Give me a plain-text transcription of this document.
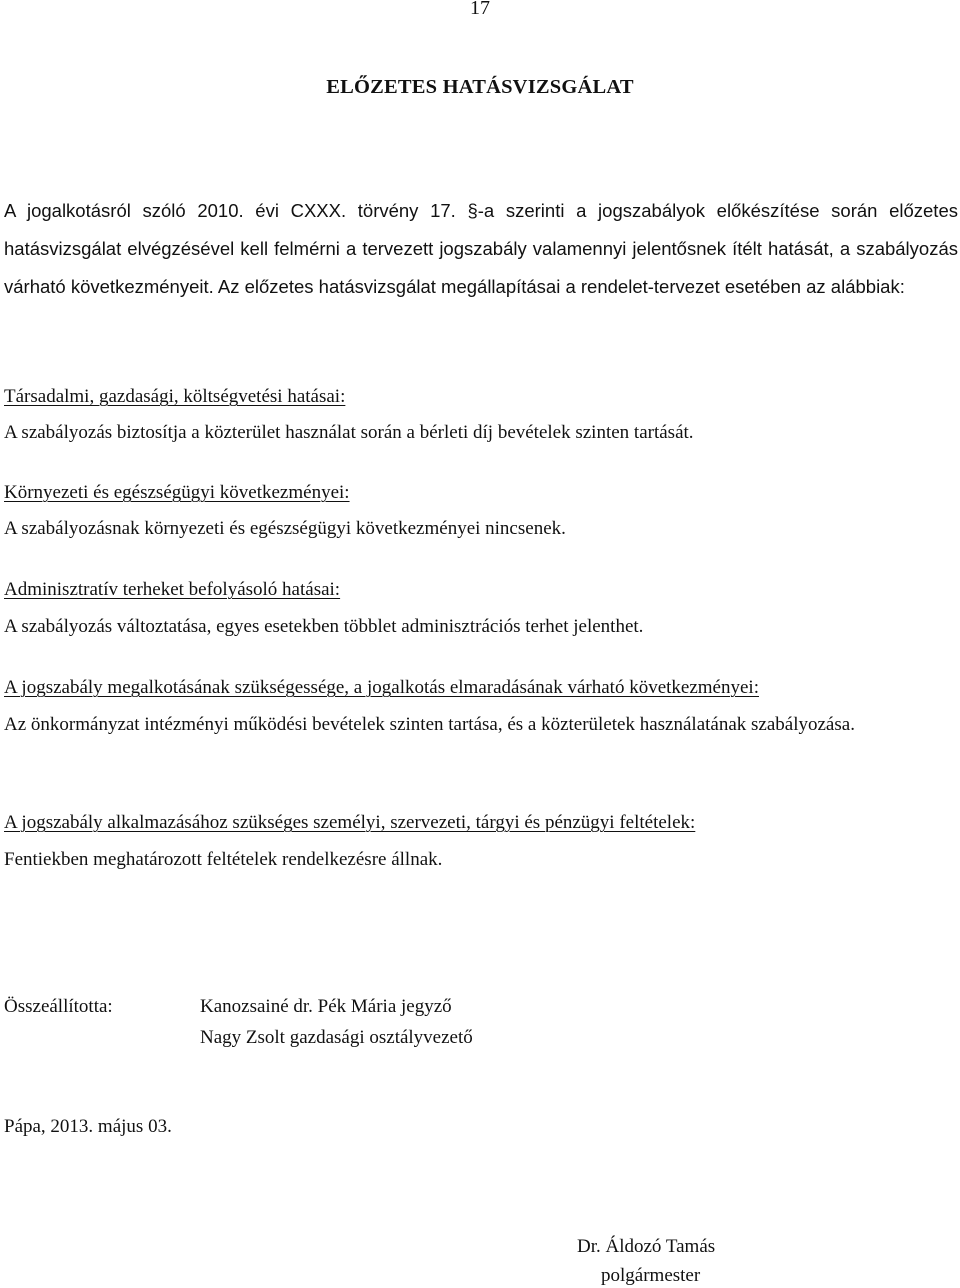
17
ELŐZETES HATÁSVIZSGÁLAT

A jogalkotásról szóló 2010. évi CXXX. törvény 17. §-a szerinti a jogszabályok előkészítése során előzetes hatásvizsgálat elvégzésével kell felmérni a tervezett jogszabály valamennyi jelentősnek ítélt hatását, a szabályozás várható következményeit. Az előzetes hatásvizsgálat megállapításai a rendelet-tervezet esetében az alábbiak:

Társadalmi, gazdasági, költségvetési hatásai:

A szabályozás biztosítja a közterület használat során a bérleti díj bevételek szinten tartását.

Környezeti és egészségügyi következményei:

A szabályozásnak környezeti és egészségügyi következményei nincsenek.

Adminisztratív terheket befolyásoló hatásai:

A szabályozás változtatása, egyes esetekben többlet adminisztrációs terhet jelenthet.

A jogszabály megalkotásának szükségessége, a jogalkotás elmaradásának várható következményei:

Az önkormányzat intézményi működési bevételek szinten tartása, és a közterületek használatának szabályozása.

A jogszabály alkalmazásához szükséges személyi, szervezeti, tárgyi és pénzügyi feltételek:

Fentiekben meghatározott feltételek rendelkezésre állnak.

Összeállította:	Kanozsainé dr. Pék Mária jegyző
Nagy Zsolt gazdasági osztályvezető
Pápa, 2013. május 03.
Dr. Áldozó Tamás
polgármester
